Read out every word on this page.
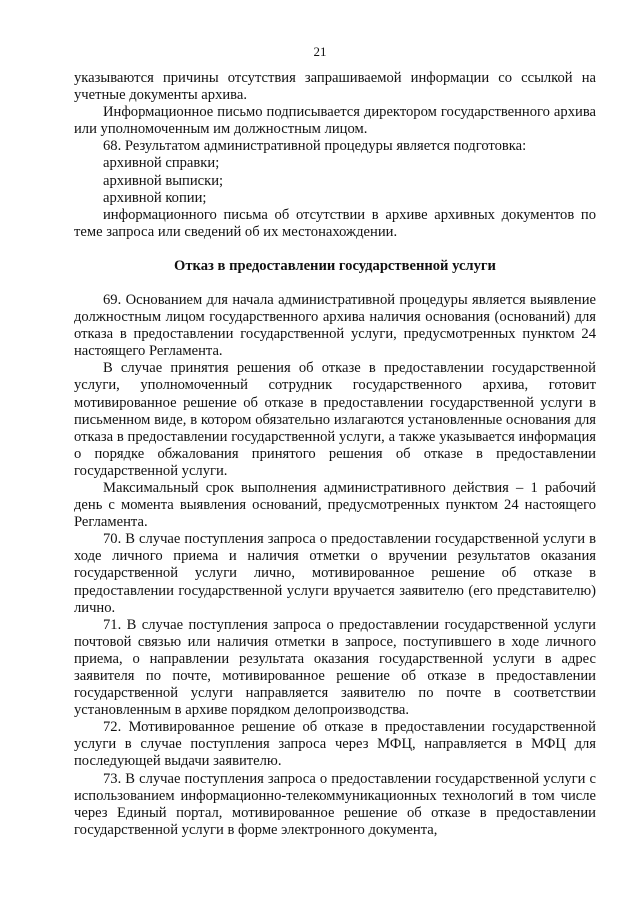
21

указываются причины отсутствия запрашиваемой информации со ссылкой на учетные документы архива.

Информационное письмо подписывается директором государственного архива или уполномоченным им должностным лицом.

68. Результатом административной процедуры является подготовка:

архивной справки;

архивной выписки;

архивной копии;

информационного письма об отсутствии в архиве архивных документов по теме запроса или сведений об их местонахождении.

Отказ в предоставлении государственной услуги

69. Основанием для начала административной процедуры является выявление должностным лицом государственного архива наличия основания (оснований) для отказа в предоставлении государственной услуги, предусмотренных пунктом 24 настоящего Регламента.

В случае принятия решения об отказе в предоставлении государственной услуги, уполномоченный сотрудник государственного архива, готовит мотивированное решение об отказе в предоставлении государственной услуги в письменном виде, в котором обязательно излагаются установленные основания для отказа в предоставлении государственной услуги, а также указывается информация о порядке обжалования принятого решения об отказе в предоставлении государственной услуги.

Максимальный срок выполнения административного действия – 1 рабочий день с момента выявления оснований, предусмотренных пунктом 24 настоящего Регламента.

70. В случае поступления запроса о предоставлении государственной услуги в ходе личного приема и наличия отметки о вручении результатов оказания государственной услуги лично, мотивированное решение об отказе в предоставлении государственной услуги вручается заявителю (его представителю) лично.

71. В случае поступления запроса о предоставлении государственной услуги почтовой связью или наличия отметки в запросе, поступившего в ходе личного приема, о направлении результата оказания государственной услуги в адрес заявителя по почте, мотивированное решение об отказе в предоставлении государственной услуги направляется заявителю по почте в соответствии установленным в архиве порядком делопроизводства.

72. Мотивированное решение об отказе в предоставлении государственной услуги в случае поступления запроса через МФЦ, направляется в МФЦ для последующей выдачи заявителю.

73. В случае поступления запроса о предоставлении государственной услуги с использованием информационно-телекоммуникационных технологий в том числе через Единый портал, мотивированное решение об отказе в предоставлении государственной услуги в форме электронного документа,
